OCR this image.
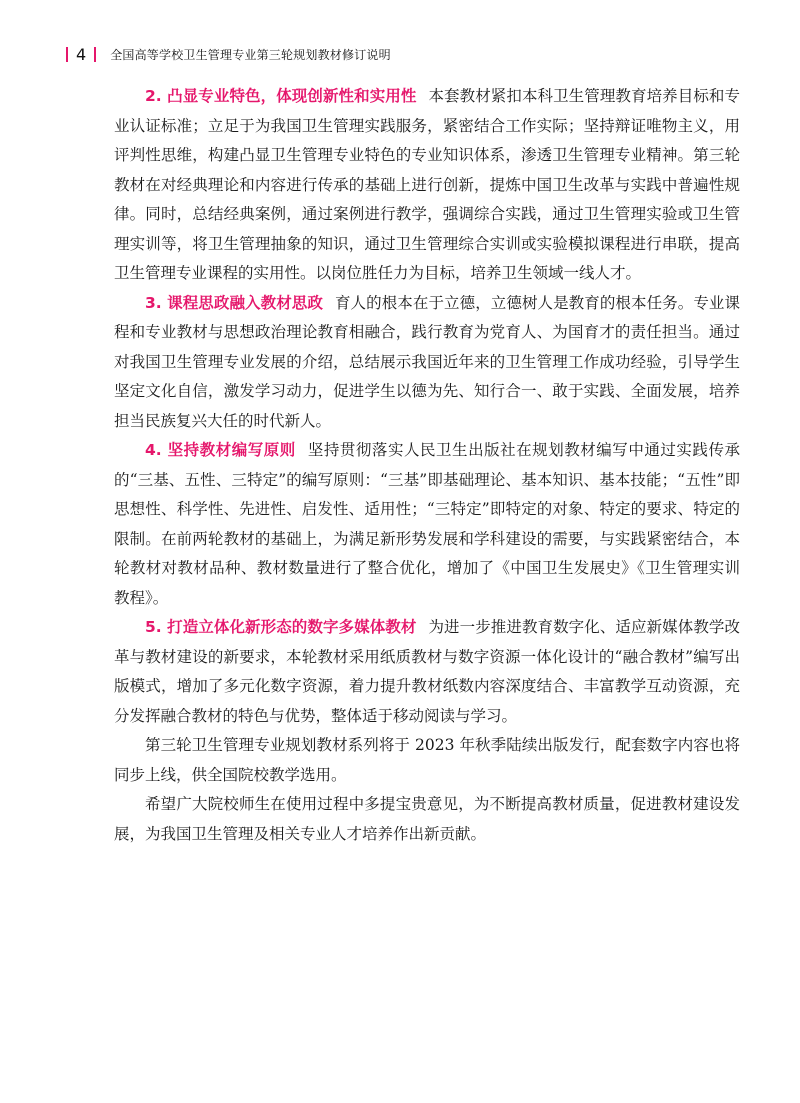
4 全国高等学校卫生管理专业第三轮规划教材修订说明

2. 凸显专业特色，体现创新性和实用性 本套教材紧扣本科卫生管理教育培养目标和专业认证标准；立足于为我国卫生管理实践服务，紧密结合工作实际；坚持辩证唯物主义，用评判性思维，构建凸显卫生管理专业特色的专业知识体系，渗透卫生管理专业精神。第三轮教材在对经典理论和内容进行传承的基础上进行创新，提炼中国卫生改革与实践中普遍性规律。同时，总结经典案例，通过案例进行教学，强调综合实践，通过卫生管理实验或卫生管理实训等，将卫生管理抽象的知识，通过卫生管理综合实训或实验模拟课程进行串联，提高卫生管理专业课程的实用性。以岗位胜任力为目标，培养卫生领域一线人才。

3. 课程思政融入教材思政 育人的根本在于立德，立德树人是教育的根本任务。专业课程和专业教材与思想政治理论教育相融合，践行教育为党育人、为国育才的责任担当。通过对我国卫生管理专业发展的介绍，总结展示我国近年来的卫生管理工作成功经验，引导学生坚定文化自信，激发学习动力，促进学生以德为先、知行合一、敢于实践、全面发展，培养担当民族复兴大任的时代新人。

4. 坚持教材编写原则 坚持贯彻落实人民卫生出版社在规划教材编写中通过实践传承的“三基、五性、三特定”的编写原则：“三基”即基础理论、基本知识、基本技能；“五性”即思想性、科学性、先进性、启发性、适用性；“三特定”即特定的对象、特定的要求、特定的限制。在前两轮教材的基础上，为满足新形势发展和学科建设的需要，与实践紧密结合，本轮教材对教材品种、教材数量进行了整合优化，增加了《中国卫生发展史》《卫生管理实训教程》。

5. 打造立体化新形态的数字多媒体教材 为进一步推进教育数字化、适应新媒体教学改革与教材建设的新要求，本轮教材采用纸质教材与数字资源一体化设计的“融合教材”编写出版模式，增加了多元化数字资源，着力提升教材纸数内容深度结合、丰富教学互动资源，充分发挥融合教材的特色与优势，整体适于移动阅读与学习。

第三轮卫生管理专业规划教材系列将于 2023 年秋季陆续出版发行，配套数字内容也将同步上线，供全国院校教学选用。

希望广大院校师生在使用过程中多提宝贵意见，为不断提高教材质量，促进教材建设发展，为我国卫生管理及相关专业人才培养作出新贡献。
